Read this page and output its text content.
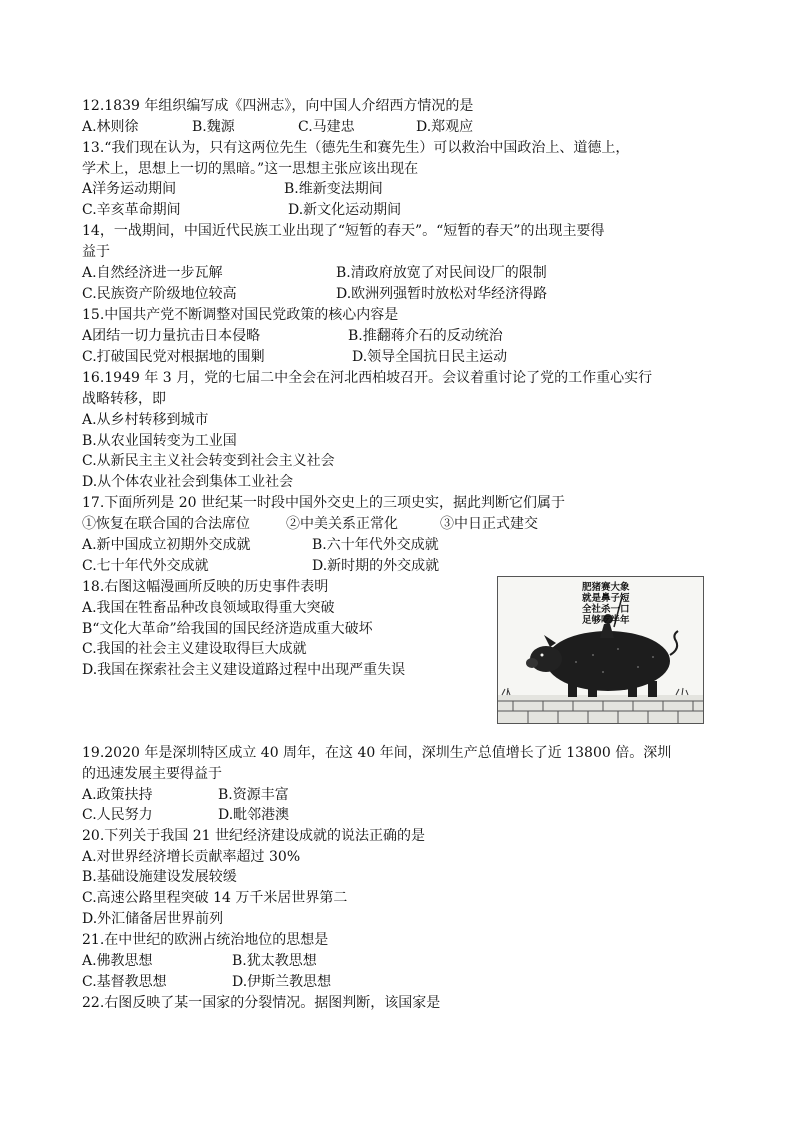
12.1839 年组织编写成《四洲志》，向中国人介绍西方情况的是
A.林则徐	B.魏源	C.马建忠	D.郑观应
13.“我们现在认为，只有这两位先生（德先生和赛先生）可以救治中国政治上、道德上，
学术上，思想上一切的黑暗。”这一思想主张应该出现在
A洋务运动期间	B.维新变法期间
C.辛亥革命期间	D.新文化运动期间
14，一战期间，中国近代民族工业出现了“短暂的春天”。“短暂的春天”的出现主要得
益于
A.自然经济进一步瓦解	B.清政府放宽了对民间设厂的限制
C.民族资产阶级地位较高	D.欧洲列强暂时放松对华经济得路
15.中国共产党不断调整对国民党政策的核心内容是
A团结一切力量抗击日本侵略	B.推翻蒋介石的反动统治
C.打破国民党对根据地的围剿	D.领导全国抗日民主运动
16.1949 年 3 月，党的七届二中全会在河北西柏坡召开。会议着重讨论了党的工作重心实行
战略转移，即
A.从乡村转移到城市
B.从农业国转变为工业国
C.从新民主主义社会转变到社会主义社会
D.从个体农业社会到集体工业社会
17.下面所列是 20 世纪某一时段中国外交史上的三项史实，据此判断它们属于
①恢复在联合国的合法席位	②中美关系正常化	③中日正式建交
A.新中国成立初期外交成就	B.六十年代外交成就
C.七十年代外交成就	D.新时期的外交成就
18.右图这幅漫画所反映的历史事件表明
A.我国在牲畜品种改良领域取得重大突破
B“文化大革命”给我国的国民经济造成重大破坏
C.我国的社会主义建设取得巨大成就
D.我国在探索社会主义建设道路过程中出现严重失误
肥猪赛大象
就是鼻子短
全社杀一口
足够吃半年
19.2020 年是深圳特区成立 40 周年，在这 40 年间，深圳生产总值增长了近 13800 倍。深圳
的迅速发展主要得益于
A.政策扶持	B.资源丰富
C.人民努力	D.毗邻港澳
20.下列关于我国 21 世纪经济建设成就的说法正确的是
A.对世界经济增长贡献率超过 30%
B.基础设施建设发展较缓
C.高速公路里程突破 14 万千米居世界第二
D.外汇储备居世界前列
21.在中世纪的欧洲占统治地位的思想是
A.佛教思想	B.犹太教思想
C.基督教思想	D.伊斯兰教思想
22.右图反映了某一国家的分裂情况。据图判断，该国家是
